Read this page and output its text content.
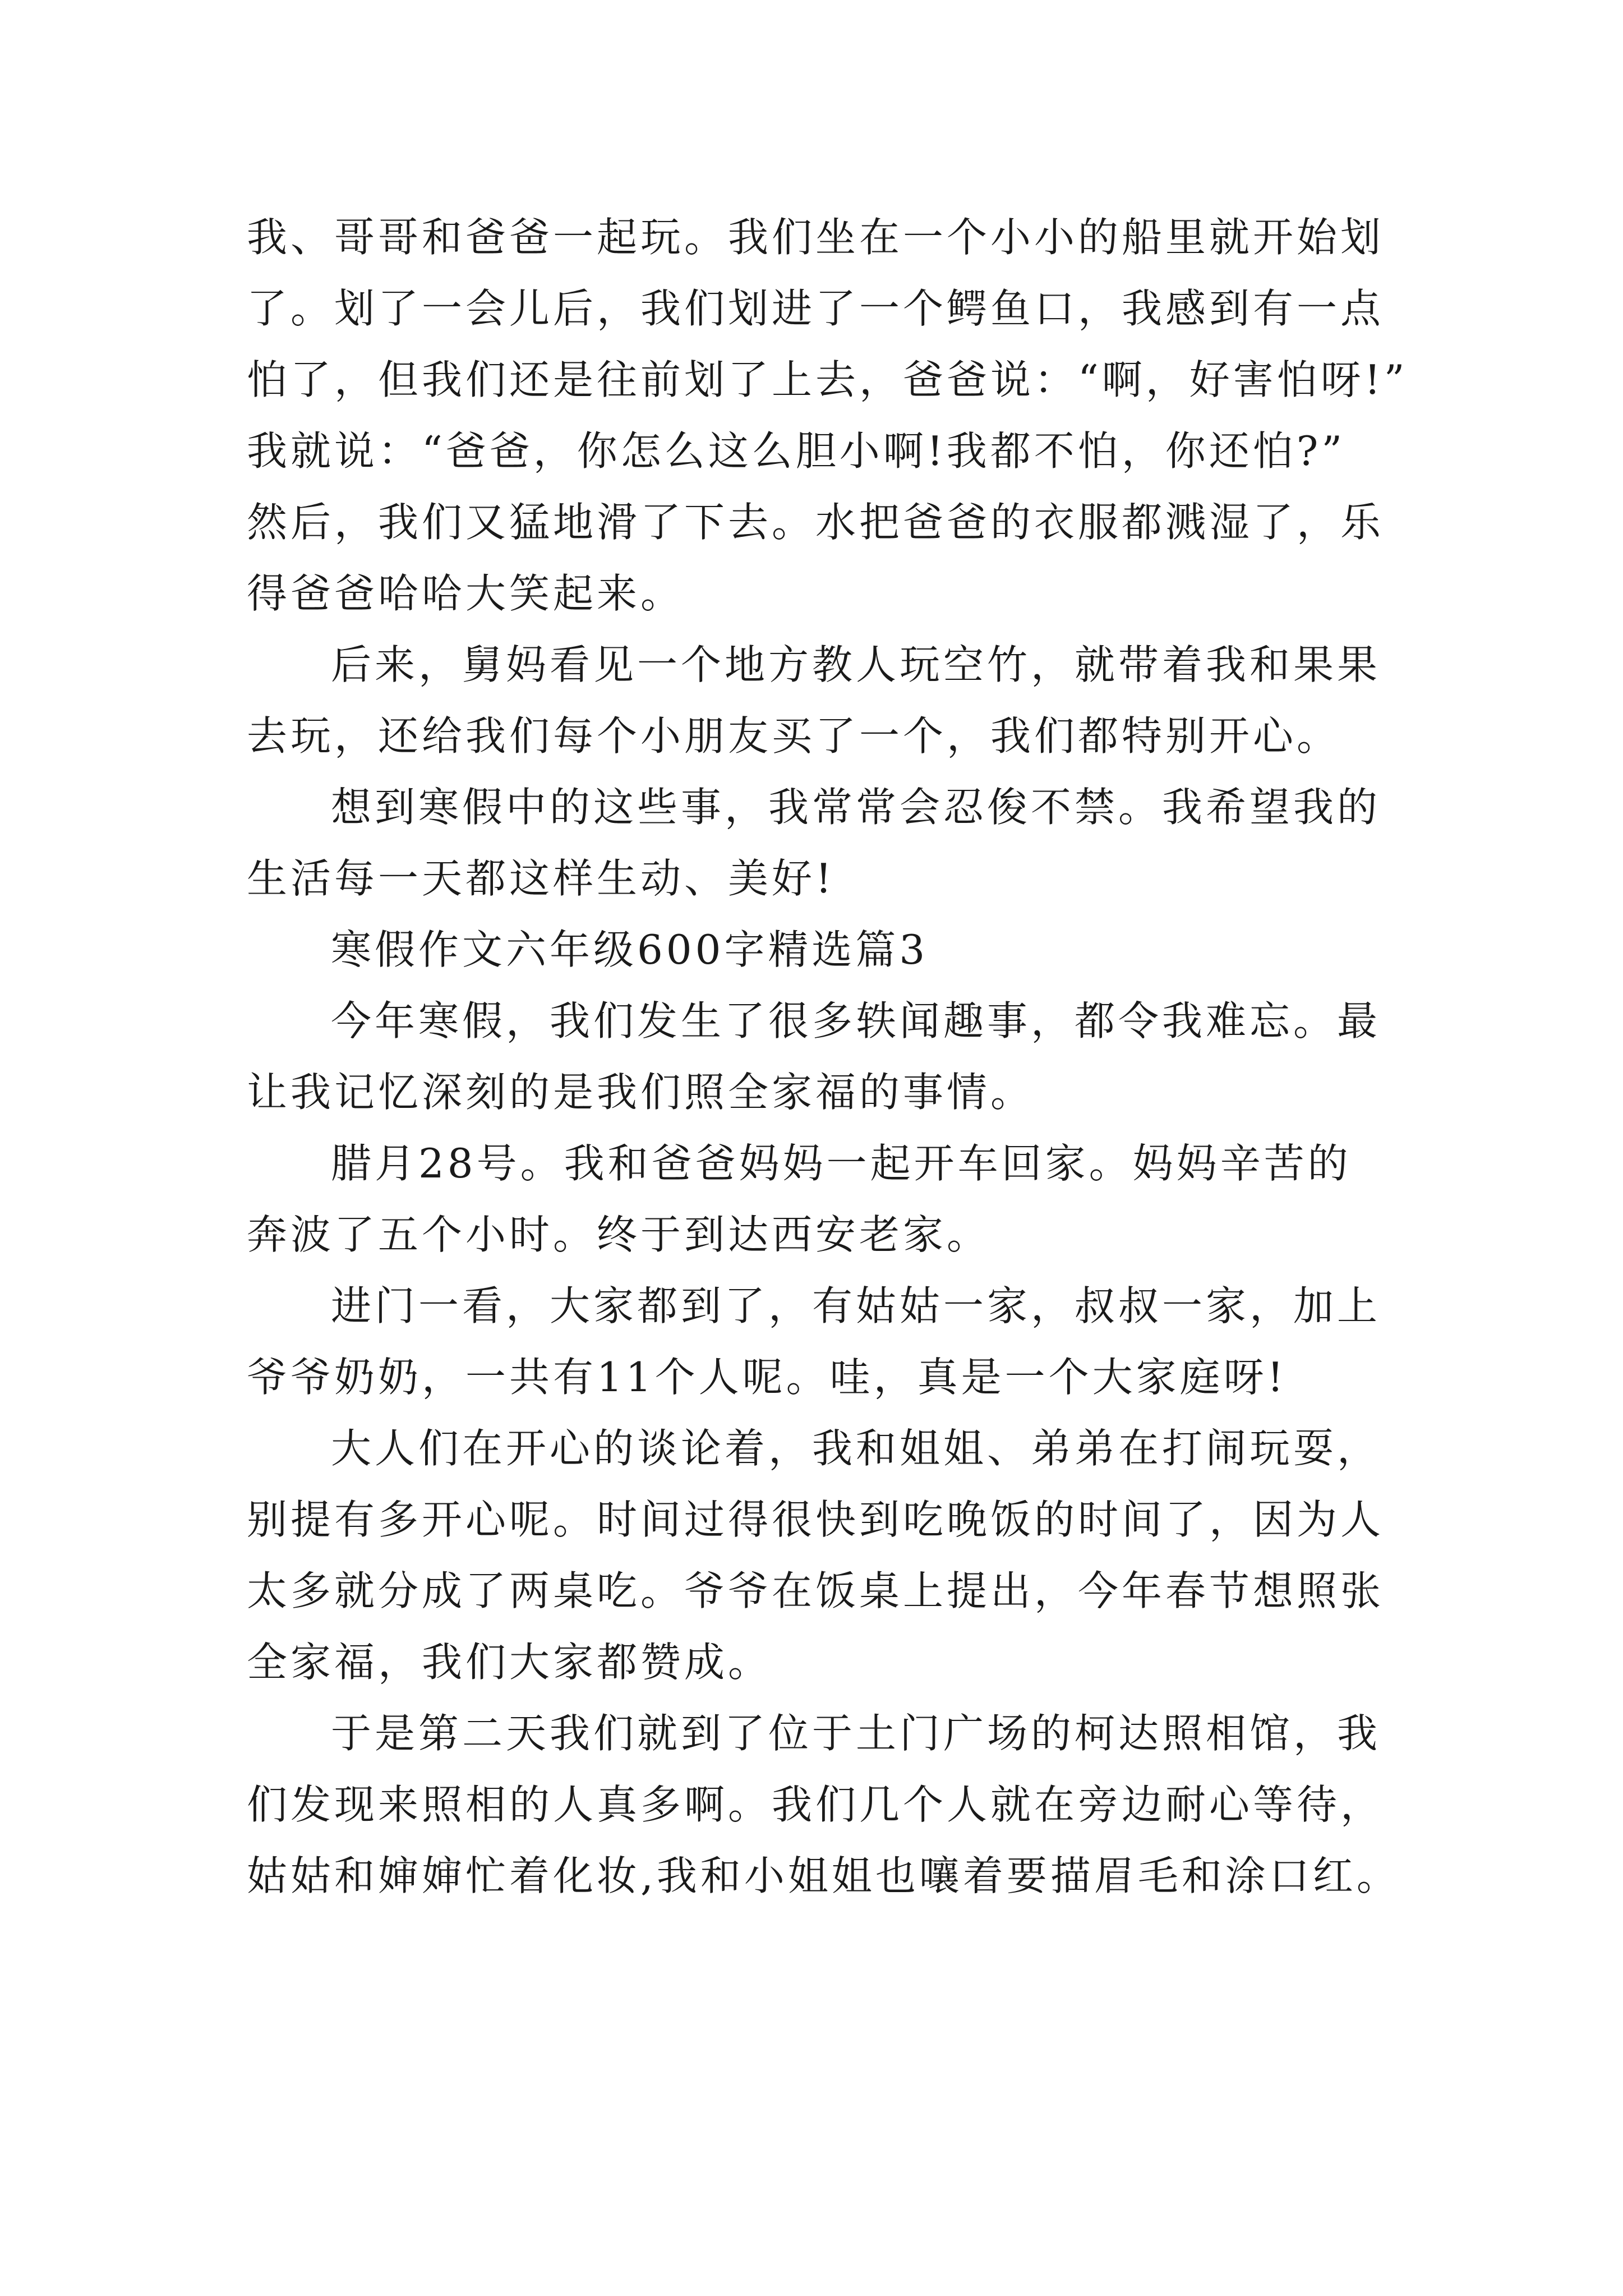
我、哥哥和爸爸一起玩。我们坐在一个小小的船里就开始划
了。划了一会儿后，我们划进了一个鳄鱼口，我感到有一点
怕了，但我们还是往前划了上去，爸爸说：“啊，好害怕呀!”
我就说：“爸爸，你怎么这么胆小啊!我都不怕，你还怕?”
然后，我们又猛地滑了下去。水把爸爸的衣服都溅湿了，乐
得爸爸哈哈大笑起来。
后来，舅妈看见一个地方教人玩空竹，就带着我和果果
去玩，还给我们每个小朋友买了一个，我们都特别开心。
想到寒假中的这些事，我常常会忍俊不禁。我希望我的
生活每一天都这样生动、美好!
寒假作文六年级600字精选篇3
今年寒假，我们发生了很多轶闻趣事，都令我难忘。最
让我记忆深刻的是我们照全家福的事情。
腊月28号。我和爸爸妈妈一起开车回家。妈妈辛苦的
奔波了五个小时。终于到达西安老家。
进门一看，大家都到了，有姑姑一家，叔叔一家，加上
爷爷奶奶，一共有11个人呢。哇，真是一个大家庭呀!
大人们在开心的谈论着，我和姐姐、弟弟在打闹玩耍，
别提有多开心呢。时间过得很快到吃晚饭的时间了，因为人
太多就分成了两桌吃。爷爷在饭桌上提出，今年春节想照张
全家福，我们大家都赞成。
于是第二天我们就到了位于土门广场的柯达照相馆，我
们发现来照相的人真多啊。我们几个人就在旁边耐心等待，
姑姑和婶婶忙着化妆,我和小姐姐也嚷着要描眉毛和涂口红。
